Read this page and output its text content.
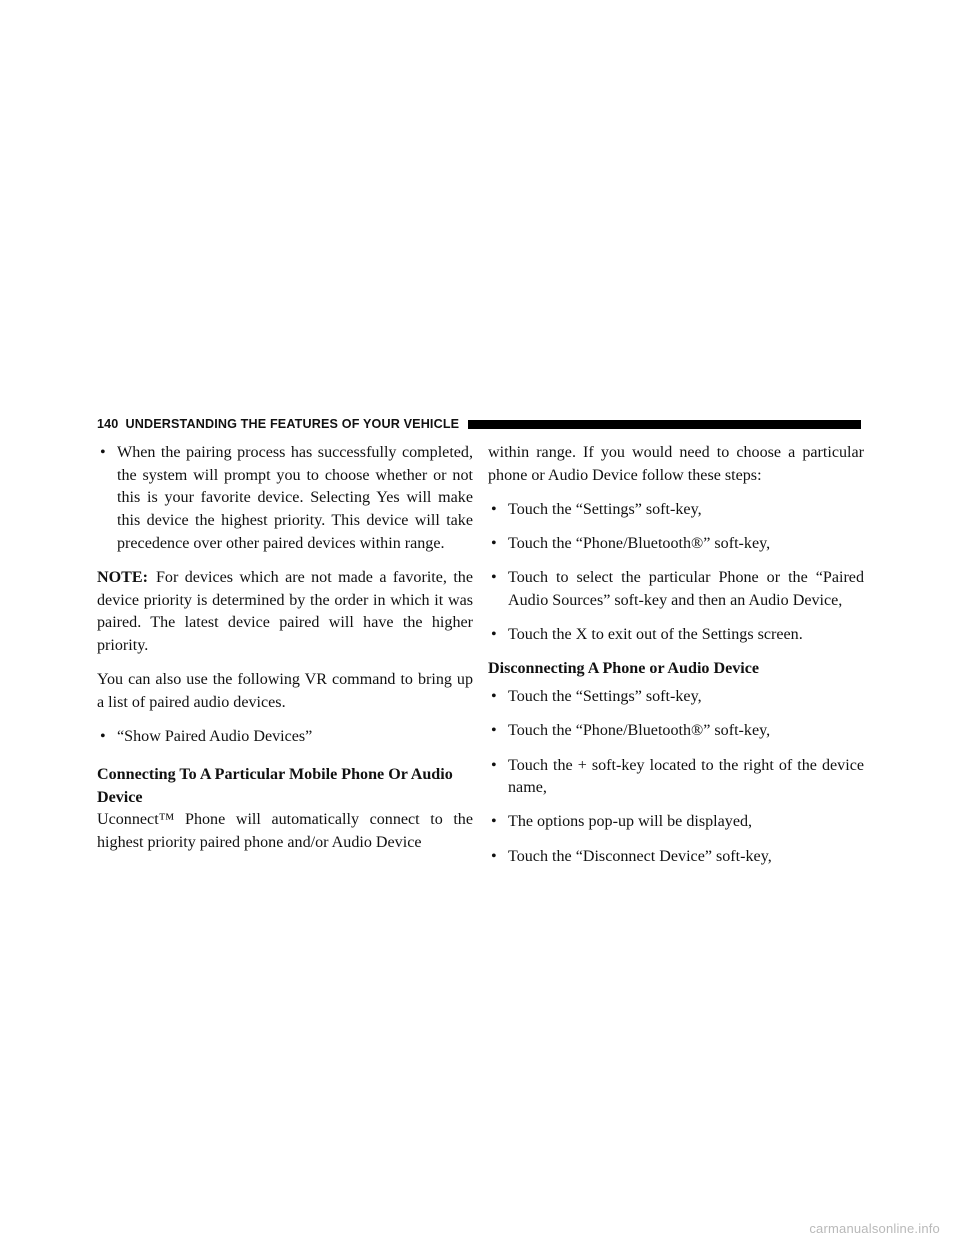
140 UNDERSTANDING THE FEATURES OF YOUR VEHICLE
• When the pairing process has successfully completed, the system will prompt you to choose whether or not this is your favorite device. Selecting Yes will make this device the highest priority. This device will take precedence over other paired devices within range.

NOTE: For devices which are not made a favorite, the device priority is determined by the order in which it was paired. The latest device paired will have the higher priority.

You can also use the following VR command to bring up a list of paired audio devices.

• “Show Paired Audio Devices”
Connecting To A Particular Mobile Phone Or Audio Device

Uconnect™ Phone will automatically connect to the highest priority paired phone and/or Audio Device

within range. If you would need to choose a particular phone or Audio Device follow these steps:

• Touch the “Settings” soft-key,
• Touch the “Phone/Bluetooth®” soft-key,
• Touch to select the particular Phone or the “Paired Audio Sources” soft-key and then an Audio Device,
• Touch the X to exit out of the Settings screen.
Disconnecting A Phone or Audio Device
• Touch the “Settings” soft-key,
• Touch the “Phone/Bluetooth®” soft-key,
• Touch the + soft-key located to the right of the device name,
• The options pop-up will be displayed,
• Touch the “Disconnect Device” soft-key,
carmanualsonline.info
